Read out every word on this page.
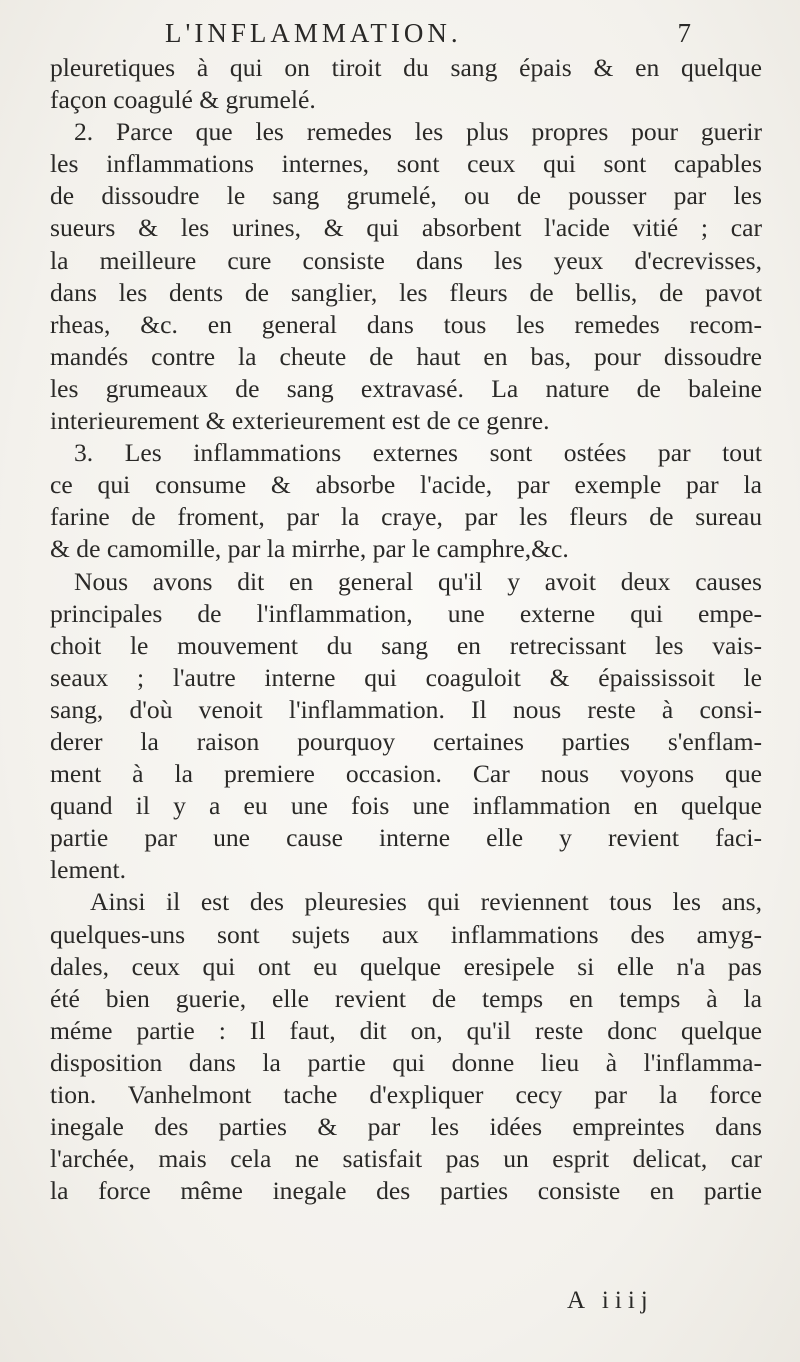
L'INFLAMMATION.	7
pleuretiques à qui on tiroit du sang épais & en quelque
façon coagulé & grumelé.
2. Parce que les remedes les plus propres pour guerir
les inflammations internes, sont ceux qui sont capables
de dissoudre le sang grumelé, ou de pousser par les
sueurs & les urines, & qui absorbent l'acide vitié ; car
la meilleure cure consiste dans les yeux d'ecrevisses,
dans les dents de sanglier, les fleurs de bellis, de pavot
rheas, &c. en general dans tous les remedes recom-
mandés contre la cheute de haut en bas, pour dissoudre
les grumeaux de sang extravasé. La nature de baleine
interieurement & exterieurement est de ce genre.
3. Les inflammations externes sont ostées par tout
ce qui consume & absorbe l'acide, par exemple par la
farine de froment, par la craye, par les fleurs de sureau
& de camomille, par la mirrhe, par le camphre,&c.
Nous avons dit en general qu'il y avoit deux causes
principales de l'inflammation, une externe qui empe-
choit le mouvement du sang en retrecissant les vais-
seaux ; l'autre interne qui coaguloit & épaississoit le
sang, d'où venoit l'inflammation. Il nous reste à consi-
derer la raison pourquoy certaines parties s'enflam-
ment à la premiere occasion. Car nous voyons que
quand il y a eu une fois une inflammation en quelque
partie par une cause interne elle y revient faci-
lement.
Ainsi il est des pleuresies qui reviennent tous les ans,
quelques-uns sont sujets aux inflammations des amyg-
dales, ceux qui ont eu quelque eresipele si elle n'a pas
été bien guerie, elle revient de temps en temps à la
méme partie : Il faut, dit on, qu'il reste donc quelque
disposition dans la partie qui donne lieu à l'inflamma-
tion. Vanhelmont tache d'expliquer cecy par la force
inegale des parties & par les idées empreintes dans
l'archée, mais cela ne satisfait pas un esprit delicat, car
la force même inegale des parties consiste en partie
A iiij
